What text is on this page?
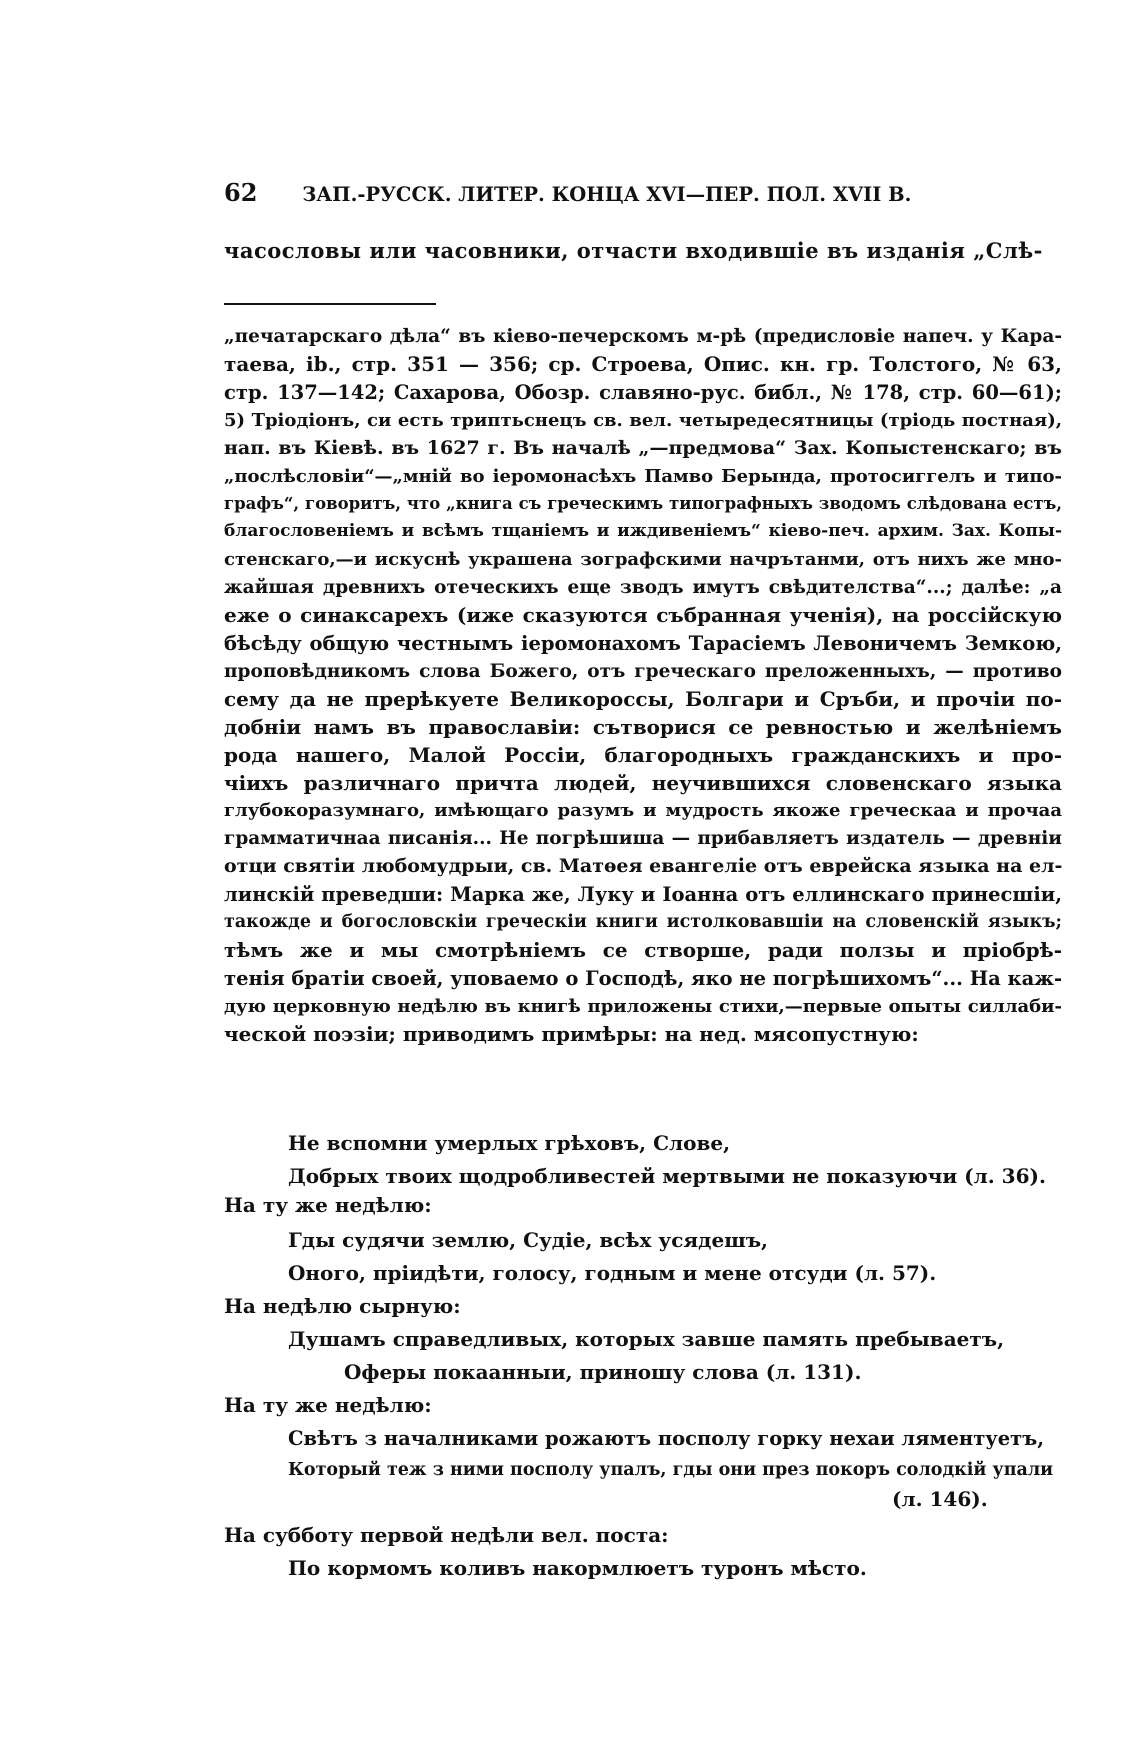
62 ЗАП.-РУССК. ЛИТЕР. КОНЦА XVI—ПЕР. ПОЛ. XVII В.
часословы или часовники, отчасти входившіе въ изданія „Слѣ-
„печатарскаго дѣла“ въ кіево-печерскомъ м-рѣ (предисловіе напеч. у Кара-
таева, ib., стр. 351 — 356; ср. Строева, Опис. кн. гр. Толстого, № 63,
стр. 137—142; Сахарова, Обозр. славяно-рус. библ., № 178, стр. 60—61);
5) Тріодіонъ, си есть триптьснецъ св. вел. четыредесятницы (тріодь постная),
нап. въ Кіевѣ. въ 1627 г. Въ началѣ „—предмова“ Зах. Копыстенскаго; въ
„послѣсловіи“—„мнiй во іеромонасѣхъ Памво Берында, протосиггелъ и типо-
графъ“, говоритъ, что „книга съ греческимъ типографныхъ зводомъ слѣдована естъ,
благословеніемъ и всѣмъ тщаніемъ и иждивеніемъ“ кіево-печ. архим. Зах. Копы-
стенскаго,—и искуснѣ украшена зографскими начрътанми, отъ нихъ же мно-
жайшая древнихъ отеческихъ еще зводъ имутъ свѣдителства“...; далѣе: „а
еже о синаксарехъ (иже сказуются събранная ученія), на россійскую
бѣсѣду общую честнымъ іеромонахомъ Тарасіемъ Левоничемъ Земкою,
проповѣдникомъ слова Божего, отъ греческаго преложенныхъ, — противо
сему да не прерѣкуете Великороссы, Болгари и Сръби, и прочіи по-
добніи намъ въ православіи: сътворися се ревностью и желѣніемъ
рода нашего, Малой Россіи, благородныхъ гражданскихъ и про-
чіихъ различнаго причта людей, неучившихся словенскаго языка
глубокоразумнаго, имѣющаго разумъ и мудрость якоже греческаа и прочаа
грамматичнаа писанія... Не погрѣшиша — прибавляетъ издатель — древніи
отци святіи любомудрыи, св. Матѳея евангеліе отъ еврейска языка на ел-
линскій преведши: Марка же, Луку и Іоанна отъ еллинскаго принесшіи,
такожде и богословскіи греческіи книги истолковавшіи на словенскій языкъ;
тѣмъ же и мы смотрѣніемъ се створше, ради ползы и пріобрѣ-
тенія братіи своей, уповаемо о Господѣ, яко не погрѣшихомъ“... На каж-
дую церковную недѣлю въ книгѣ приложены стихи,—первые опыты силлаби-
ческой поэзіи; приводимъ примѣры: на нед. мясопустную:
Не вспомни умерлых грѣховъ, Слове,
Добрых твоих щодробливестей мертвыми не показуючи (л. 36).
На ту же недѣлю:
Гды судячи землю, Судіе, всѣх усядешъ,
Оного, пріидѣти, голосу, годным и мене отсуди (л. 57).
На недѣлю сырную:
Душамъ справедливых, которых завше память пребываетъ,
Оферы покаанныи, приношу слова (л. 131).
На ту же недѣлю:
Свѣтъ з началниками рожаютъ посполу горку нехаи ляментуетъ,
Который теж з ними посполу упалъ, гды они през покоръ солодкій упали
(л. 146).
На субботу первой недѣли вел. поста:
По кормомъ коливъ накормлюетъ туронъ мѣсто.
